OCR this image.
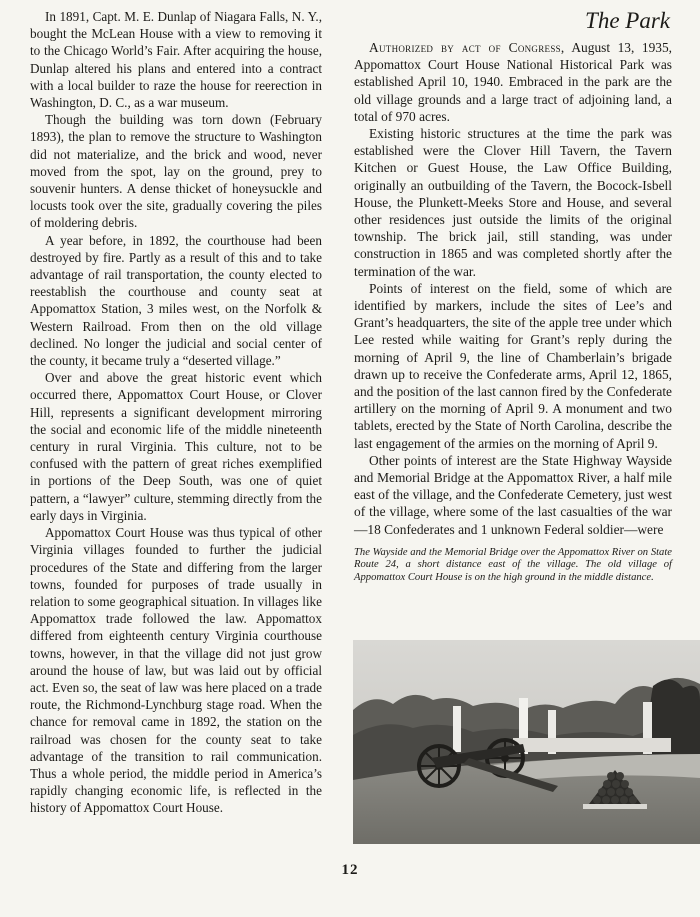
In 1891, Capt. M. E. Dunlap of Niagara Falls, N. Y., bought the McLean House with a view to removing it to the Chicago World’s Fair. After acquiring the house, Dunlap altered his plans and entered into a contract with a local builder to raze the house for reerection in Washington, D. C., as a war museum.

Though the building was torn down (February 1893), the plan to remove the structure to Washington did not materialize, and the brick and wood, never moved from the spot, lay on the ground, prey to souvenir hunters. A dense thicket of honeysuckle and locusts took over the site, gradually covering the piles of moldering debris.

A year before, in 1892, the courthouse had been destroyed by fire. Partly as a result of this and to take advantage of rail transportation, the county elected to reestablish the courthouse and county seat at Appomattox Station, 3 miles west, on the Norfolk & Western Railroad. From then on the old village declined. No longer the judicial and social center of the county, it became truly a “deserted village.”

Over and above the great historic event which occurred there, Appomattox Court House, or Clover Hill, represents a significant development mirroring the social and economic life of the middle nineteenth century in rural Virginia. This culture, not to be confused with the pattern of great riches exemplified in portions of the Deep South, was one of quiet pattern, a “lawyer” culture, stemming directly from the early days in Virginia.

Appomattox Court House was thus typical of other Virginia villages founded to further the judicial procedures of the State and differing from the larger towns, founded for purposes of trade usually in relation to some geographical situation. In villages like Appomattox trade followed the law. Appomattox differed from eighteenth century Virginia courthouse towns, however, in that the village did not just grow around the house of law, but was laid out by official act. Even so, the seat of law was here placed on a trade route, the Richmond-Lynchburg stage road. When the chance for removal came in 1892, the station on the railroad was chosen for the county seat to take advantage of the transition to rail communication. Thus a whole period, the middle period in America’s rapidly changing economic life, is reflected in the history of Appomattox Court House.

The Park

Authorized by act of Congress, August 13, 1935, Appomattox Court House National Historical Park was established April 10, 1940. Embraced in the park are the old village grounds and a large tract of adjoining land, a total of 970 acres.

Existing historic structures at the time the park was established were the Clover Hill Tavern, the Tavern Kitchen or Guest House, the Law Office Building, originally an outbuilding of the Tavern, the Bocock-Isbell House, the Plunkett-Meeks Store and House, and several other residences just outside the limits of the original township. The brick jail, still standing, was under construction in 1865 and was completed shortly after the termination of the war.

Points of interest on the field, some of which are identified by markers, include the sites of Lee’s and Grant’s headquarters, the site of the apple tree under which Lee rested while waiting for Grant’s reply during the morning of April 9, the line of Chamberlain’s brigade drawn up to receive the Confederate arms, April 12, 1865, and the position of the last cannon fired by the Confederate artillery on the morning of April 9. A monument and two tablets, erected by the State of North Carolina, describe the last engagement of the armies on the morning of April 9.

Other points of interest are the State Highway Wayside and Memorial Bridge at the Appomattox River, a half mile east of the village, and the Confederate Cemetery, just west of the village, where some of the last casualties of the war—18 Confederates and 1 unknown Federal soldier—were

The Wayside and the Memorial Bridge over the Appomattox River on State Route 24, a short distance east of the village. The old village of Appomattox Court House is on the high ground in the middle distance.

12
